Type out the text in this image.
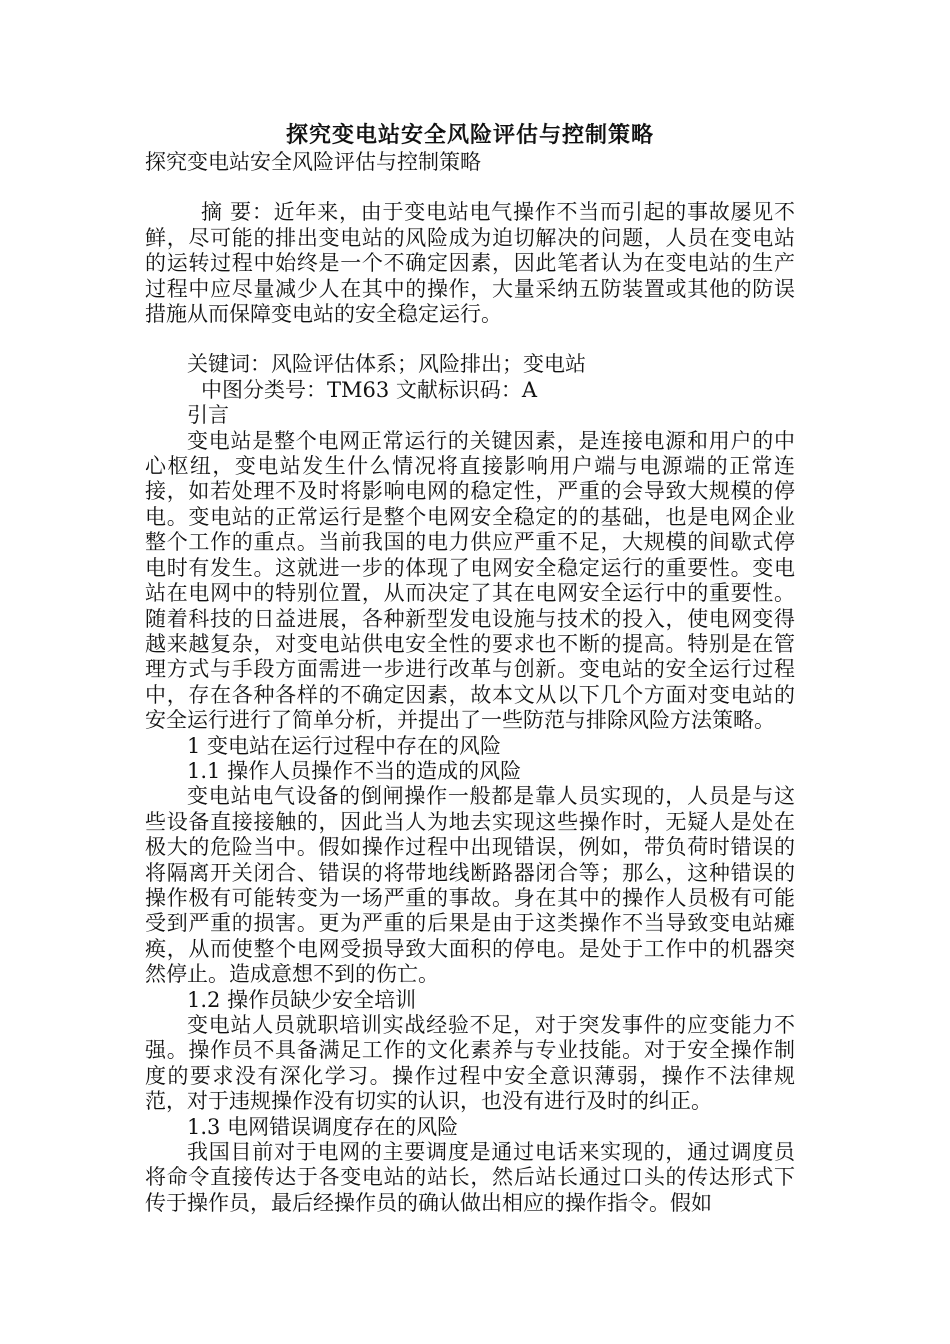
探究变电站安全风险评估与控制策略

探究变电站安全风险评估与控制策略

摘 要：近年来，由于变电站电气操作不当而引起的事故屡见不鲜，尽可能的排出变电站的风险成为迫切解决的问题，人员在变电站的运转过程中始终是一个不确定因素，因此笔者认为在变电站的生产过程中应尽量减少人在其中的操作，大量采纳五防装置或其他的防误措施从而保障变电站的安全稳定运行。

关键词：风险评估体系；风险排出；变电站

中图分类号：TM63 文献标识码：A

引言

变电站是整个电网正常运行的关键因素，是连接电源和用户的中心枢纽，变电站发生什么情况将直接影响用户端与电源端的正常连接，如若处理不及时将影响电网的稳定性，严重的会导致大规模的停电。变电站的正常运行是整个电网安全稳定的的基础，也是电网企业整个工作的重点。当前我国的电力供应严重不足，大规模的间歇式停电时有发生。这就进一步的体现了电网安全稳定运行的重要性。变电站在电网中的特别位置，从而决定了其在电网安全运行中的重要性。随着科技的日益进展，各种新型发电设施与技术的投入，使电网变得越来越复杂，对变电站供电安全性的要求也不断的提高。特别是在管理方式与手段方面需进一步进行改革与创新。变电站的安全运行过程中，存在各种各样的不确定因素，故本文从以下几个方面对变电站的安全运行进行了简单分析，并提出了一些防范与排除风险方法策略。

1 变电站在运行过程中存在的风险

1.1 操作人员操作不当的造成的风险

变电站电气设备的倒闸操作一般都是靠人员实现的，人员是与这些设备直接接触的，因此当人为地去实现这些操作时，无疑人是处在极大的危险当中。假如操作过程中出现错误，例如，带负荷时错误的将隔离开关闭合、错误的将带地线断路器闭合等；那么，这种错误的操作极有可能转变为一场严重的事故。身在其中的操作人员极有可能受到严重的损害。更为严重的后果是由于这类操作不当导致变电站瘫痪，从而使整个电网受损导致大面积的停电。是处于工作中的机器突然停止。造成意想不到的伤亡。

1.2 操作员缺少安全培训

变电站人员就职培训实战经验不足，对于突发事件的应变能力不强。操作员不具备满足工作的文化素养与专业技能。对于安全操作制度的要求没有深化学习。操作过程中安全意识薄弱，操作不法律规范，对于违规操作没有切实的认识，也没有进行及时的纠正。

1.3 电网错误调度存在的风险

我国目前对于电网的主要调度是通过电话来实现的，通过调度员将命令直接传达于各变电站的站长，然后站长通过口头的传达形式下传于操作员，最后经操作员的确认做出相应的操作指令。假如
